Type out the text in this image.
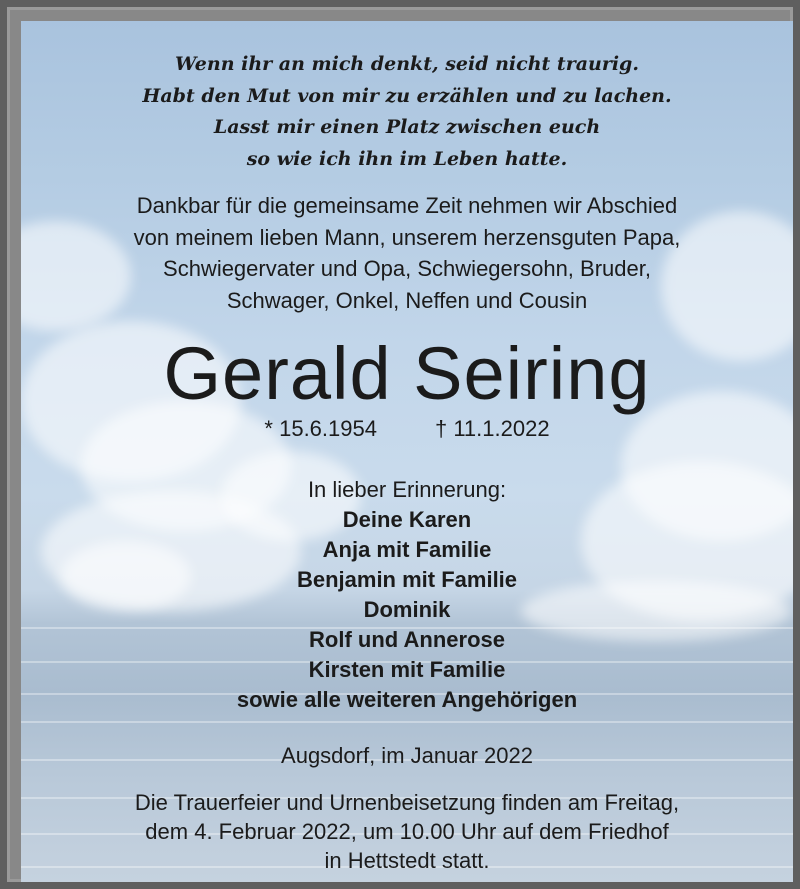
Wenn ihr an mich denkt, seid nicht traurig.
Habt den Mut von mir zu erzählen und zu lachen.
Lasst mir einen Platz zwischen euch
so wie ich ihn im Leben hatte.
Dankbar für die gemeinsame Zeit nehmen wir Abschied
von meinem lieben Mann, unserem herzensguten Papa,
Schwiegervater und Opa, Schwiegersohn, Bruder,
Schwager, Onkel, Neffen und Cousin
Gerald Seiring
* 15.6.1954	† 11.1.2022
In lieber Erinnerung:
Deine Karen
Anja mit Familie
Benjamin mit Familie
Dominik
Rolf und Annerose
Kirsten mit Familie
sowie alle weiteren Angehörigen
Augsdorf, im Januar 2022
Die Trauerfeier und Urnenbeisetzung finden am Freitag,
dem 4. Februar 2022, um 10.00 Uhr auf dem Friedhof
in Hettstedt statt.
